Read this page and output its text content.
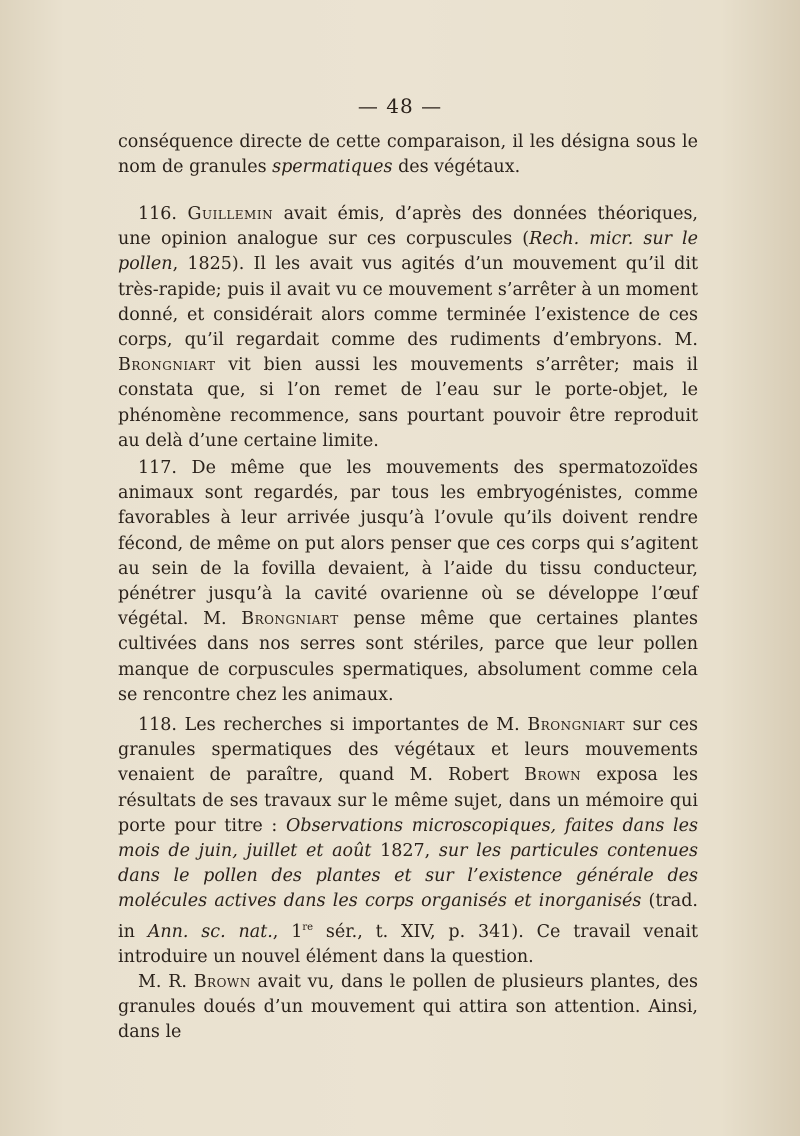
— 48 —
conséquence directe de cette comparaison, il les désigna sous le nom de granules spermatiques des végétaux.
116. Guillemin avait émis, d’après des données théoriques, une opinion analogue sur ces corpuscules (Rech. micr. sur le pollen, 1825). Il les avait vus agités d’un mouvement qu’il dit très-rapide; puis il avait vu ce mouvement s’arrêter à un moment donné, et considérait alors comme terminée l’existence de ces corps, qu’il regardait comme des rudiments d’embryons. M. Brongniart vit bien aussi les mouvements s’arrêter; mais il constata que, si l’on remet de l’eau sur le porte-objet, le phénomène recommence, sans pourtant pouvoir être reproduit au delà d’une certaine limite.
117. De même que les mouvements des spermatozoïdes animaux sont regardés, par tous les embryogénistes, comme favorables à leur arrivée jusqu’à l’ovule qu’ils doivent rendre fécond, de même on put alors penser que ces corps qui s’agitent au sein de la fovilla devaient, à l’aide du tissu conducteur, pénétrer jusqu’à la cavité ovarienne où se développe l’œuf végétal. M. Brongniart pense même que certaines plantes cultivées dans nos serres sont stériles, parce que leur pollen manque de corpuscules spermatiques, absolument comme cela se rencontre chez les animaux.
118. Les recherches si importantes de M. Brongniart sur ces granules spermatiques des végétaux et leurs mouvements venaient de paraître, quand M. Robert Brown exposa les résultats de ses travaux sur le même sujet, dans un mémoire qui porte pour titre : Observations microscopiques, faites dans les mois de juin, juillet et août 1827, sur les particules contenues dans le pollen des plantes et sur l’existence générale des molécules actives dans les corps organisés et inorganisés (trad. in Ann. sc. nat., 1re sér., t. XIV, p. 341). Ce travail venait introduire un nouvel élément dans la question.
M. R. Brown avait vu, dans le pollen de plusieurs plantes, des granules doués d’un mouvement qui attira son attention. Ainsi, dans le
